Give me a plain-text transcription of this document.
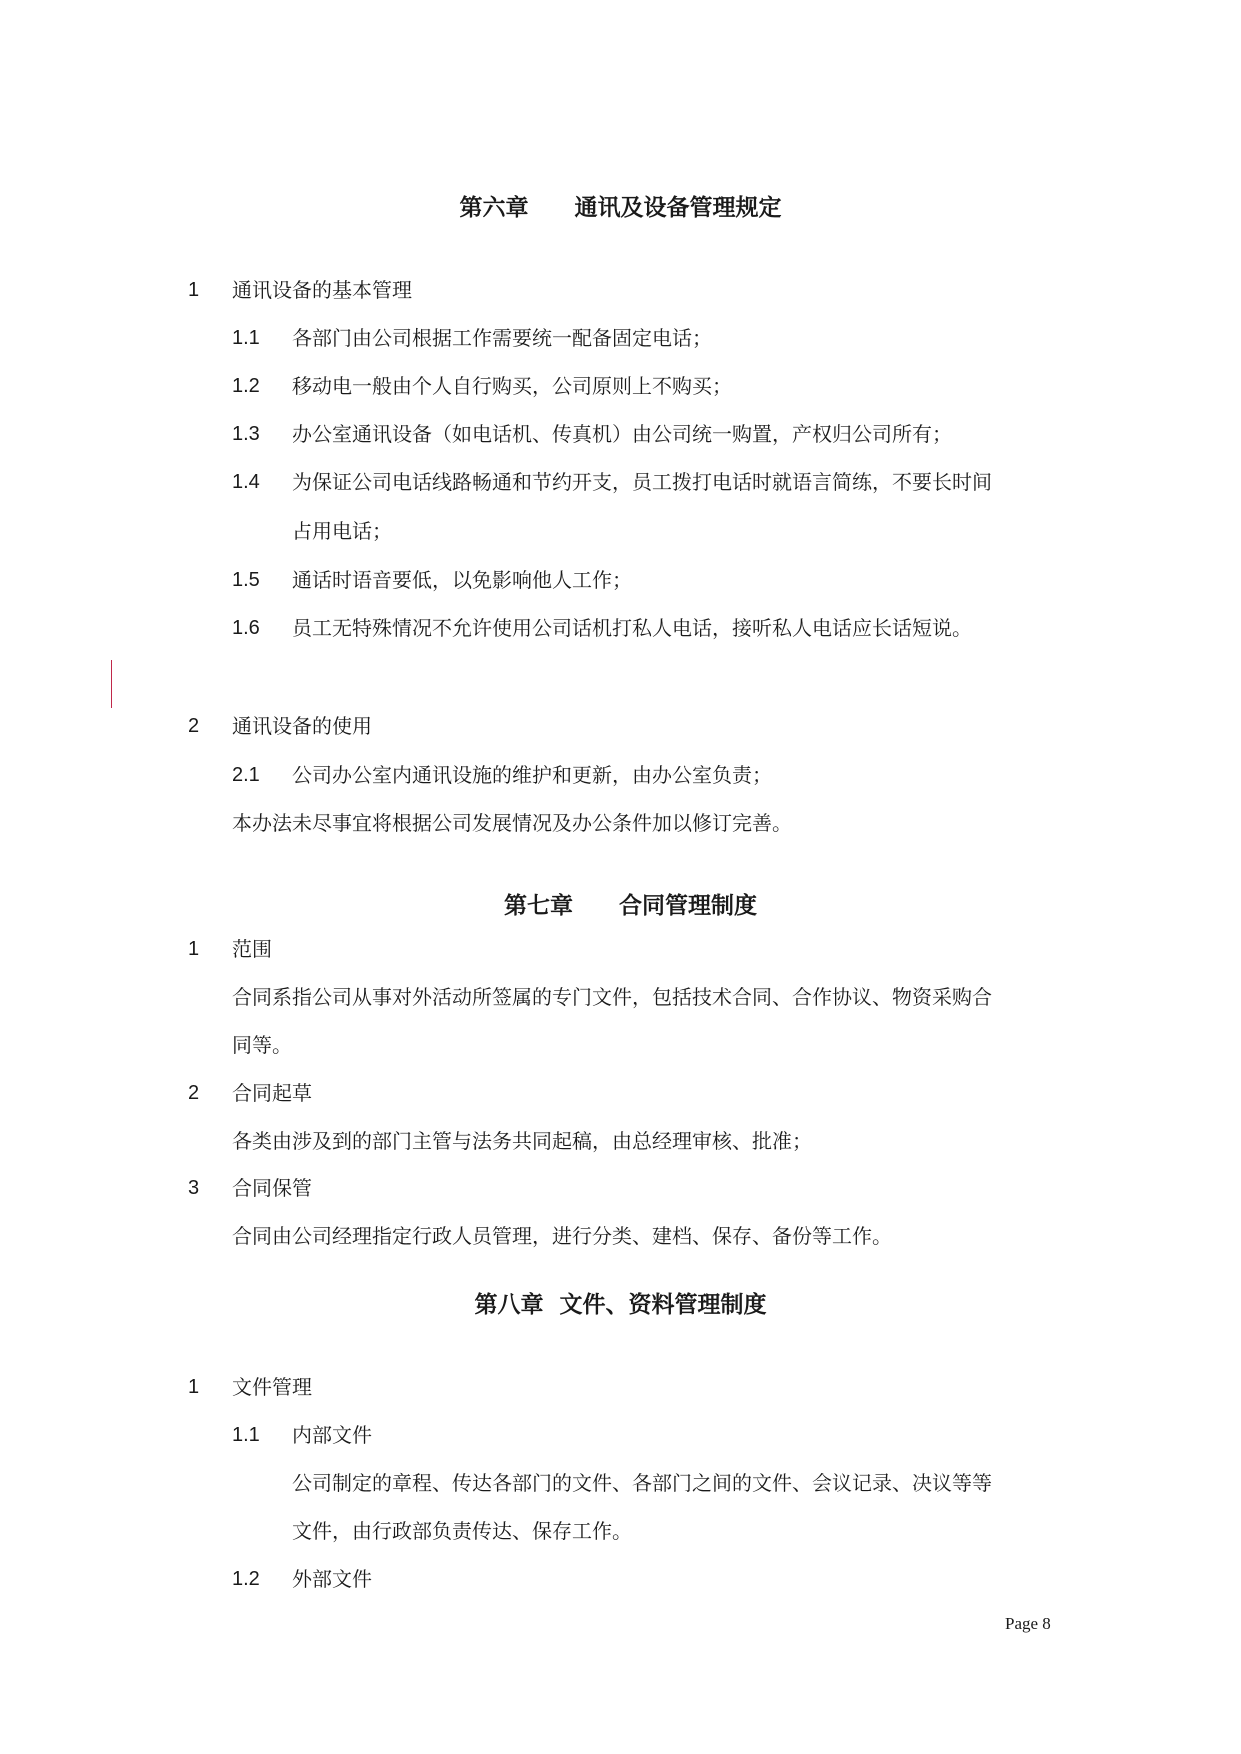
第六章　　通讯及设备管理规定
1 通讯设备的基本管理
1.1 各部门由公司根据工作需要统一配备固定电话；
1.2 移动电一般由个人自行购买，公司原则上不购买；
1.3 办公室通讯设备（如电话机、传真机）由公司统一购置，产权归公司所有；
1.4 为保证公司电话线路畅通和节约开支，员工拨打电话时就语言简练，不要长时间
占用电话；
1.5 通话时语音要低，以免影响他人工作；
1.6 员工无特殊情况不允许使用公司话机打私人电话，接听私人电话应长话短说。
2 通讯设备的使用
2.1 公司办公室内通讯设施的维护和更新，由办公室负责；
本办法未尽事宜将根据公司发展情况及办公条件加以修订完善。
第七章　　合同管理制度
1 范围
合同系指公司从事对外活动所签属的专门文件，包括技术合同、合作协议、物资采购合
同等。
2 合同起草
各类由涉及到的部门主管与法务共同起稿，由总经理审核、批准；
3 合同保管
合同由公司经理指定行政人员管理，进行分类、建档、保存、备份等工作。
第八章  文件、资料管理制度
1 文件管理
1.1 内部文件
公司制定的章程、传达各部门的文件、各部门之间的文件、会议记录、决议等等
文件，由行政部负责传达、保存工作。
1.2 外部文件
Page 8
